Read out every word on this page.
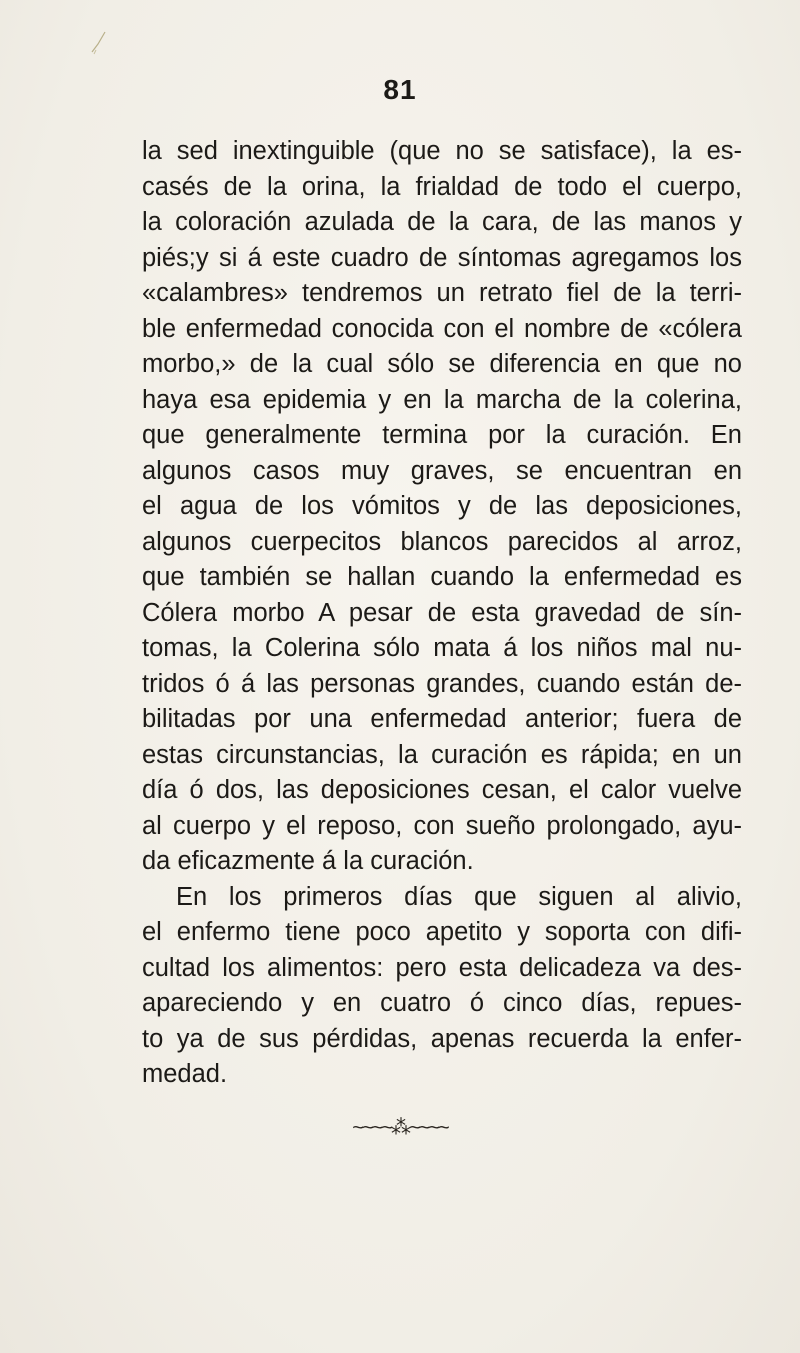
81
la sed inextinguible (que no se satisface), la es-
casés de la orina, la frialdad de todo el cuerpo,
la coloración azulada de la cara, de las manos y
piés;y si á este cuadro de síntomas agregamos los
«calambres» tendremos un retrato fiel de la terri-
ble enfermedad conocida con el nombre de «cólera
morbo,» de la cual sólo se diferencia en que no
haya esa epidemia y en la marcha de la colerina,
que generalmente termina por la curación. En
algunos casos muy graves, se encuentran en
el agua de los vómitos y de las deposiciones,
algunos cuerpecitos blancos parecidos al arroz,
que también se hallan cuando la enfermedad es
Cólera morbo A pesar de esta gravedad de sín-
tomas, la Colerina sólo mata á los niños mal nu-
tridos ó á las personas grandes, cuando están de-
bilitadas por una enfermedad anterior; fuera de
estas circunstancias, la curación es rápida; en un
día ó dos, las deposiciones cesan, el calor vuelve
al cuerpo y el reposo, con sueño prolongado, ayu-
da eficazmente á la curación.
En los primeros días que siguen al alivio,
el enfermo tiene poco apetito y soporta con difi-
cultad los alimentos: pero esta delicadeza va des-
apareciendo y en cuatro ó cinco días, repues-
to ya de sus pérdidas, apenas recuerda la enfer-
medad.
~~~~⁂~~~~
